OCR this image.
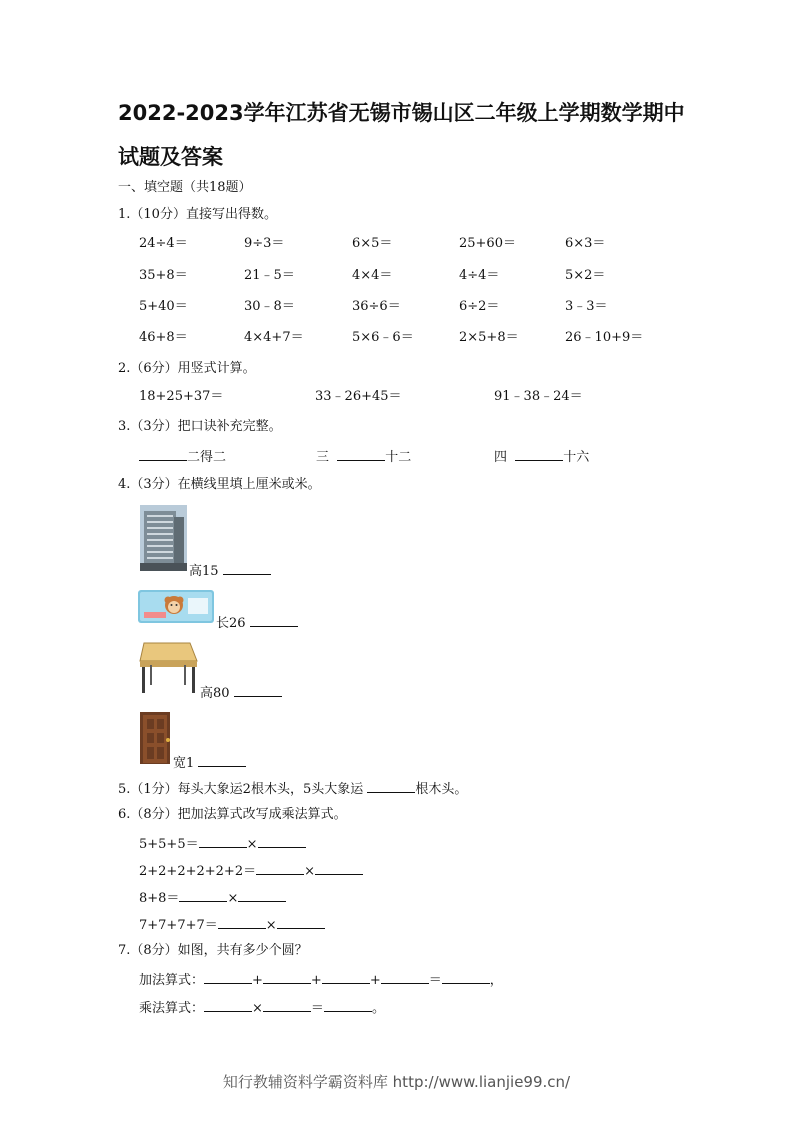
2022-2023学年江苏省无锡市锡山区二年级上学期数学期中
试题及答案
一、填空题（共18题）
1.（10分）直接写出得数。
24÷4＝	9÷3＝	6×5＝	25+60＝	6×3＝
35+8＝	21﹣5＝	4×4＝	4÷4＝	5×2＝
5+40＝	30﹣8＝	36÷6＝	6÷2＝	3﹣3＝
46+8＝	4×4+7＝	5×6﹣6＝	2×5+8＝	26﹣10+9＝
2.（6分）用竖式计算。
18+25+37＝	33﹣26+45＝	91﹣38﹣24＝
3.（3分）把口诀补充完整。
二得二	三	十二	四	十六
4.（3分）在横线里填上厘米或米。
高15
长26
高80
宽1
5.（1分）每头大象运2根木头，5头大象运	根木头。
6.（8分）把加法算式改写成乘法算式。
5+5+5＝	×
2+2+2+2+2+2＝	×
8+8＝	×
7+7+7+7＝	×
7.（8分）如图，共有多少个圆？
加法算式：	+	+	+	＝	，
乘法算式：	×	＝	。
知行教辅资料学霸资料库 http://www.lianjie99.cn/
